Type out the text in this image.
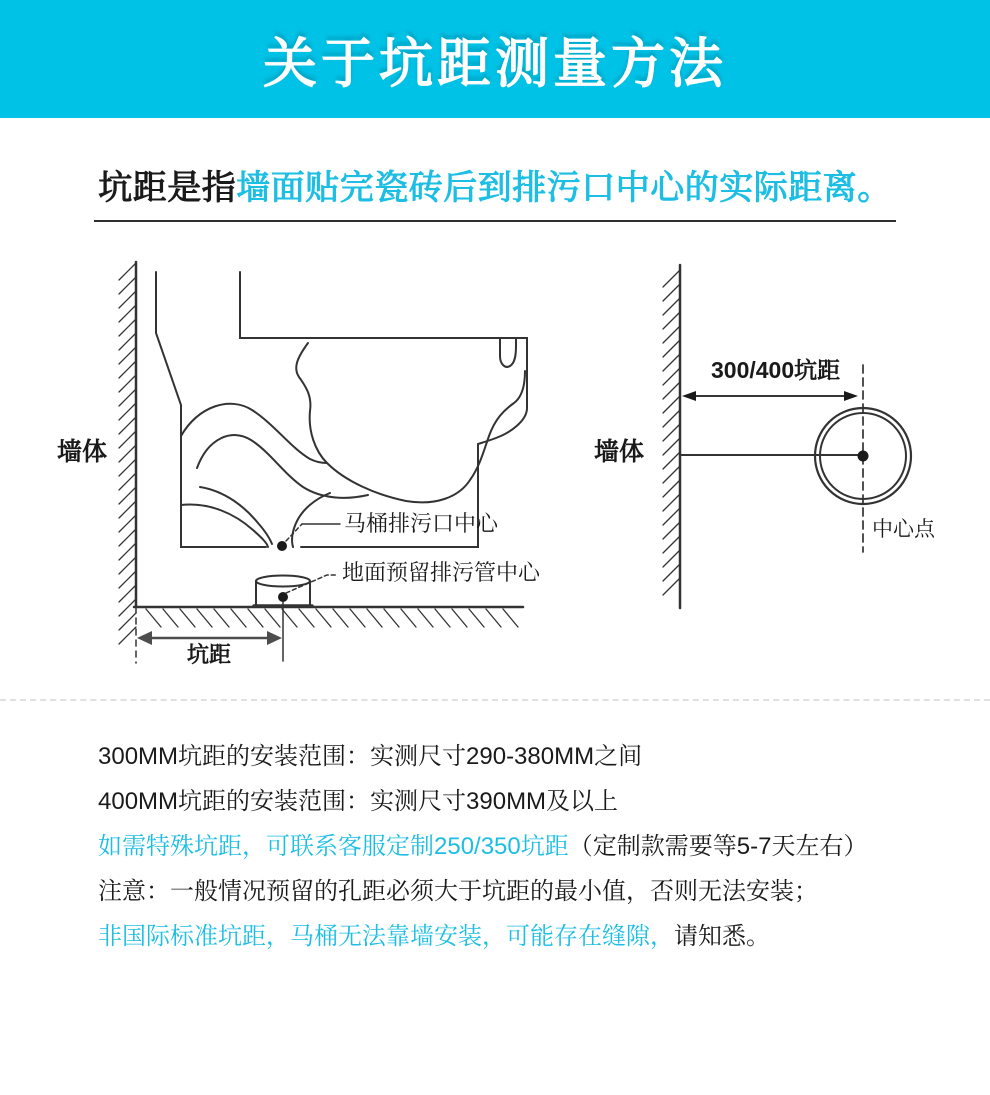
关于坑距测量方法
坑距是指墙面贴完瓷砖后到排污口中心的实际距离。
墙体
马桶排污口中心
地面预留排污管中心
坑距
墙体
300/400坑距
中心点

300MM坑距的安装范围：实测尺寸290-380MM之间

400MM坑距的安装范围：实测尺寸390MM及以上

如需特殊坑距，可联系客服定制250/350坑距（定制款需要等5-7天左右）

注意：一般情况预留的孔距必须大于坑距的最小值，否则无法安装；

非国际标准坑距，马桶无法靠墙安装，可能存在缝隙，请知悉。
